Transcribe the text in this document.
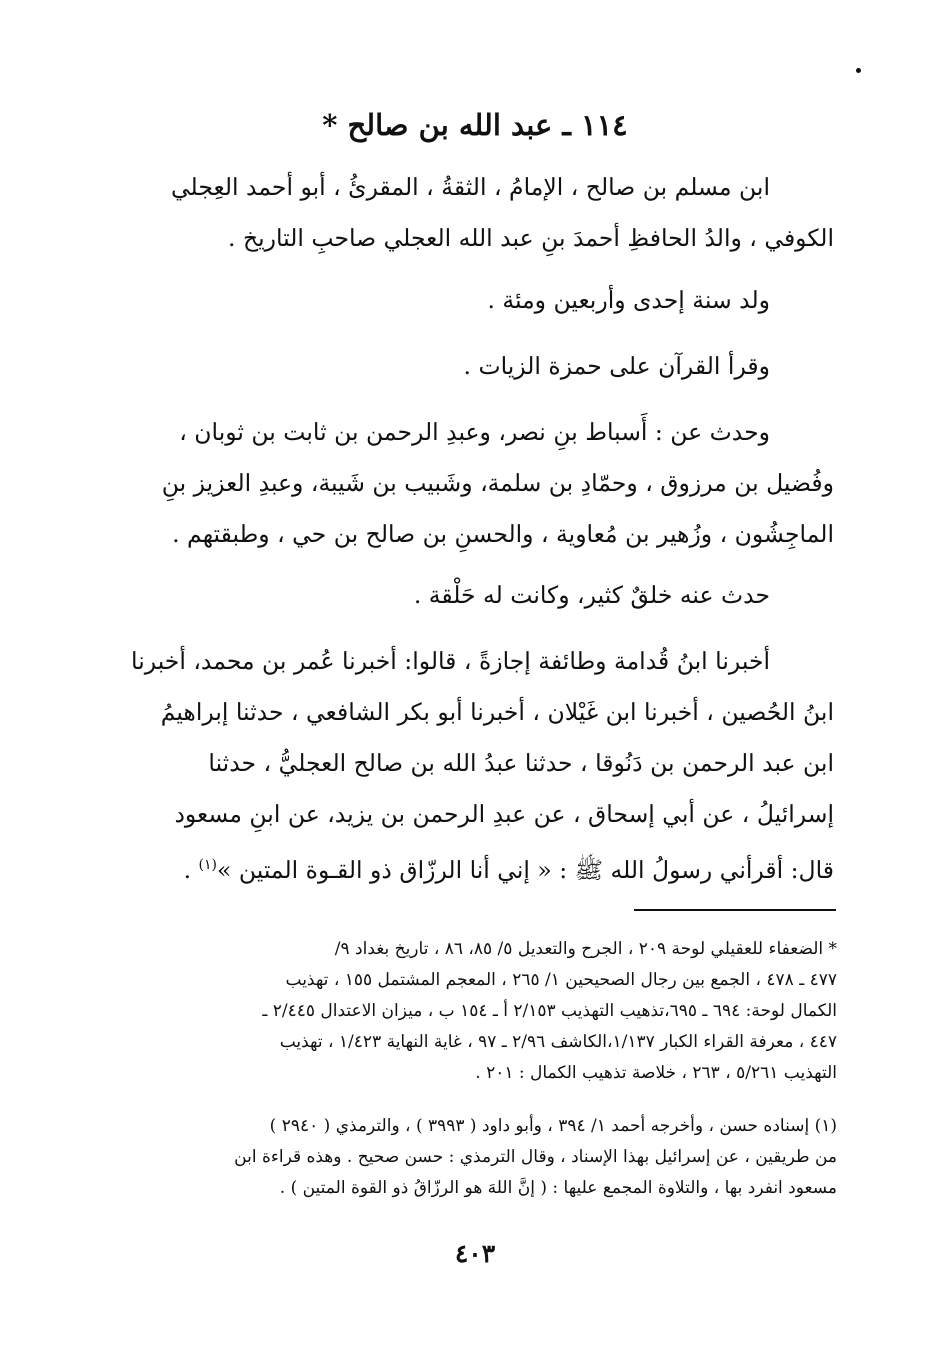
١١٤ ـ عبد الله بن صالح *
ابن مسلم بن صالح ، الإمامُ ، الثقةُ ، المقرئُ ، أبو أحمد العِجلي
الكوفي ، والدُ الحافظِ أحمدَ بنِ عبد الله العجلي صاحبِ التاريخ .
ولد سنة إحدى وأربعين ومئة .
وقرأ القرآن على حمزة الزيات .
وحدث عن : أَسباط بنِ نصر، وعبدِ الرحمن بن ثابت بن ثوبان ،
وفُضيل بن مرزوق ، وحمّادِ بن سلمة، وشَبيب بن شَيبة، وعبدِ العزيز بنِ
الماجِشُون ، وزُهير بن مُعاوية ، والحسنِ بن صالح بن حي ، وطبقتهم .
حدث عنه خلقٌ كثير، وكانت له حَلْقة .
أخبرنا ابنُ قُدامة وطائفة إجازةً ، قالوا: أخبرنا عُمر بن محمد، أخبرنا
ابنُ الحُصين ، أخبرنا ابن غَيْلان ، أخبرنا أبو بكر الشافعي ، حدثنا إبراهيمُ
ابن عبد الرحمن بن دَنُوقا ، حدثنا عبدُ الله بن صالح العجليُّ ، حدثنا
إسرائيلُ ، عن أبي إسحاق ، عن عبدِ الرحمن بن يزيد، عن ابنِ مسعود
قال: أقرأني رسولُ الله ﷺ : « إني أنا الرزّاق ذو القـوة المتين »$^{(١)}$ .
* الضعفاء للعقيلي لوحة ٢٠٩ ، الجرح والتعديل ٥/ ٨٥، ٨٦ ، تاريخ بغداد ٩/
٤٧٧ ـ ٤٧٨ ، الجمع بين رجال الصحيحين ١/ ٢٦٥ ، المعجم المشتمل ١٥٥ ، تهذيب
الكمال لوحة: ٦٩٤ ـ ٦٩٥،تذهيب التهذيب ٢/١٥٣ أ ـ ١٥٤ ب ، ميزان الاعتدال ٢/٤٤٥ ـ
٤٤٧ ، معرفة القراء الكبار ١/١٣٧،الكاشف ٢/٩٦ ـ ٩٧ ، غاية النهاية ١/٤٢٣ ، تهذيب
التهذيب ٥/٢٦١ ، ٢٦٣ ، خلاصة تذهيب الكمال : ٢٠١ .
(١) إسناده حسن ، وأخرجه أحمد ١/ ٣٩٤ ، وأبو داود ( ٣٩٩٣ ) ، والترمذي ( ٢٩٤٠ )
من طريقين ، عن إسرائيل بهذا الإسناد ، وقال الترمذي : حسن صحيح . وهذه قراءة ابن
مسعود انفرد بها ، والتلاوة المجمع عليها : ( إنَّ اللهَ هو الرزّاقُ ذو القوة المتين ) .
٤٠٣
